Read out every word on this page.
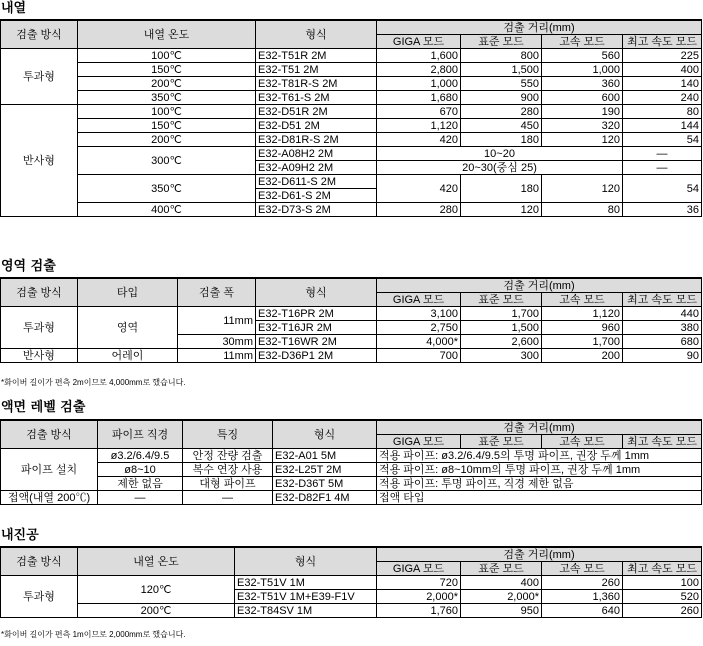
내열
검출 방식	내열 온도	형식	검출 거리(mm)			
			GIGA 모드	표준 모드	고속 모드	최고 속도 모드
투과형	100℃	E32-T51R 2M	1,600	800	560	225
	150℃	E32-T51 2M	2,800	1,500	1,000	400
	200℃	E32-T81R-S 2M	1,000	550	360	140
	350℃	E32-T61-S 2M	1,680	900	600	240
반사형	100℃	E32-D51R 2M	670	280	190	80
	150℃	E32-D51 2M	1,120	450	320	144
	200℃	E32-D81R-S 2M	420	180	120	54
	300℃	E32-A08H2 2M	10~20			—
		E32-A09H2 2M	20~30(중심 25)			—
	350℃	E32-D611-S 2M	420	180	120	54
		E32-D61-S 2M				
	400℃	E32-D73-S 2M	280	120	80	36
영역 검출
검출 방식	타입	검출 폭	형식	검출 거리(mm)			
				GIGA 모드	표준 모드	고속 모드	최고 속도 모드
투과형	영역	11mm	E32-T16PR 2M	3,100	1,700	1,120	440
			E32-T16JR 2M	2,750	1,500	960	380
		30mm	E32-T16WR 2M	4,000*	2,600	1,700	680
반사형	어레이	11mm	E32-D36P1 2M	700	300	200	90
*화이버 길이가 편측 2m이므로 4,000mm로 했습니다.
액면 레벨 검출
검출 방식	파이프 직경	특징	형식	검출 거리(mm)			
				GIGA 모드	표준 모드	고속 모드	최고 속도 모드
파이프 설치	ø3.2/6.4/9.5	안정 잔량 검출	E32-A01 5M	적용 파이프: ø3.2/6.4/9.5의 투명 파이프, 권장 두께 1mm			
	ø8~10	복수 연장 사용	E32-L25T 2M	적용 파이프: ø8~10mm의 투명 파이프, 권장 두께 1mm			
	제한 없음	대형 파이프	E32-D36T 5M	적용 파이프: 투명 파이프, 직경 제한 없음			
접액(내열 200℃)	—	—	E32-D82F1 4M	접액 타입			
내진공
검출 방식	내열 온도	형식	검출 거리(mm)			
			GIGA 모드	표준 모드	고속 모드	최고 속도 모드
투과형	120℃	E32-T51V 1M	720	400	260	100
		E32-T51V 1M+E39-F1V	2,000*	2,000*	1,360	520
	200℃	E32-T84SV 1M	1,760	950	640	260
*화이버 길이가 편측 1m이므로 2,000mm로 했습니다.
